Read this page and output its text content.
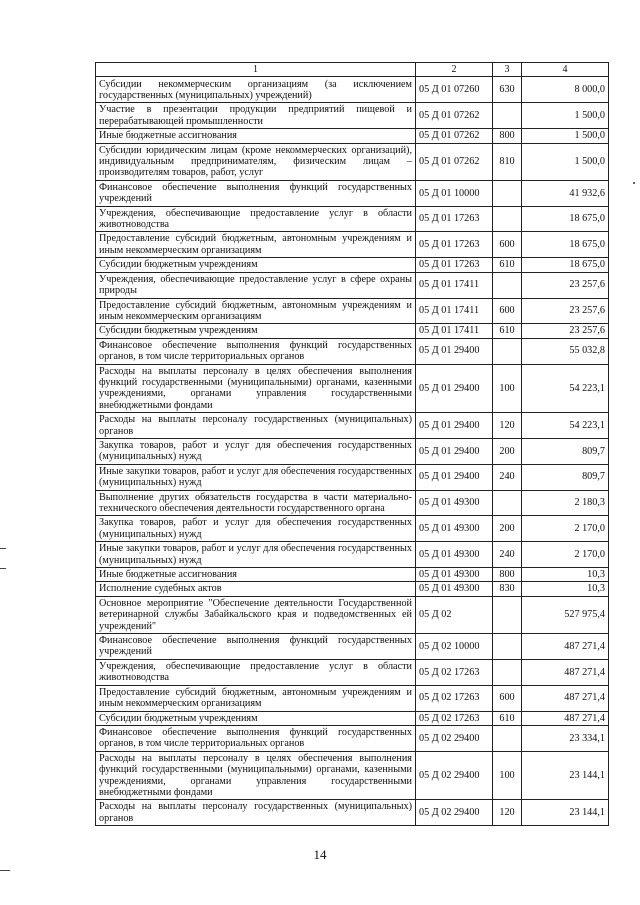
1	2	3	4
Субсидии некоммерческим организациям (за исключением государственных (муниципальных) учреждений)	05 Д 01 07260	630	8 000,0
Участие в презентации продукции предприятий пищевой и перерабатывающей промышленности	05 Д 01 07262		1 500,0
Иные бюджетные ассигнования	05 Д 01 07262	800	1 500,0
Субсидии юридическим лицам (кроме некоммерческих организаций), индивидуальным предпринимателям, физическим лицам – производителям товаров, работ, услуг	05 Д 01 07262	810	1 500,0
Финансовое обеспечение выполнения функций государственных учреждений	05 Д 01 10000		41 932,6
Учреждения, обеспечивающие предоставление услуг в области животноводства	05 Д 01 17263		18 675,0
Предоставление субсидий бюджетным, автономным учреждениям и иным некоммерческим организациям	05 Д 01 17263	600	18 675,0
Субсидии бюджетным учреждениям	05 Д 01 17263	610	18 675,0
Учреждения, обеспечивающие предоставление услуг в сфере охраны природы	05 Д 01 17411		23 257,6
Предоставление субсидий бюджетным, автономным учреждениям и иным некоммерческим организациям	05 Д 01 17411	600	23 257,6
Субсидии бюджетным учреждениям	05 Д 01 17411	610	23 257,6
Финансовое обеспечение выполнения функций государственных органов, в том числе территориальных органов	05 Д 01 29400		55 032,8
Расходы на выплаты персоналу в целях обеспечения выполнения функций государственными (муниципальными) органами, казенными учреждениями, органами управления государственными внебюджетными фондами	05 Д 01 29400	100	54 223,1
Расходы на выплаты персоналу государственных (муниципальных) органов	05 Д 01 29400	120	54 223,1
Закупка товаров, работ и услуг для обеспечения государственных (муниципальных) нужд	05 Д 01 29400	200	809,7
Иные закупки товаров, работ и услуг для обеспечения государственных (муниципальных) нужд	05 Д 01 29400	240	809,7
Выполнение других обязательств государства в части материально-технического обеспечения деятельности государственного органа	05 Д 01 49300		2 180,3
Закупка товаров, работ и услуг для обеспечения государственных (муниципальных) нужд	05 Д 01 49300	200	2 170,0
Иные закупки товаров, работ и услуг для обеспечения государственных (муниципальных) нужд	05 Д 01 49300	240	2 170,0
Иные бюджетные ассигнования	05 Д 01 49300	800	10,3
Исполнение судебных актов	05 Д 01 49300	830	10,3
Основное мероприятие "Обеспечение деятельности Государственной ветеринарной службы Забайкальского края и подведомственных ей учреждений"	05 Д 02		527 975,4
Финансовое обеспечение выполнения функций государственных учреждений	05 Д 02 10000		487 271,4
Учреждения, обеспечивающие предоставление услуг в области животноводства	05 Д 02 17263		487 271,4
Предоставление субсидий бюджетным, автономным учреждениям и иным некоммерческим организациям	05 Д 02 17263	600	487 271,4
Субсидии бюджетным учреждениям	05 Д 02 17263	610	487 271,4
Финансовое обеспечение выполнения функций государственных органов, в том числе территориальных органов	05 Д 02 29400		23 334,1
Расходы на выплаты персоналу в целях обеспечения выполнения функций государственными (муниципальными) органами, казенными учреждениями, органами управления государственными внебюджетными фондами	05 Д 02 29400	100	23 144,1
Расходы на выплаты персоналу государственных (муниципальных) органов	05 Д 02 29400	120	23 144,1
14
